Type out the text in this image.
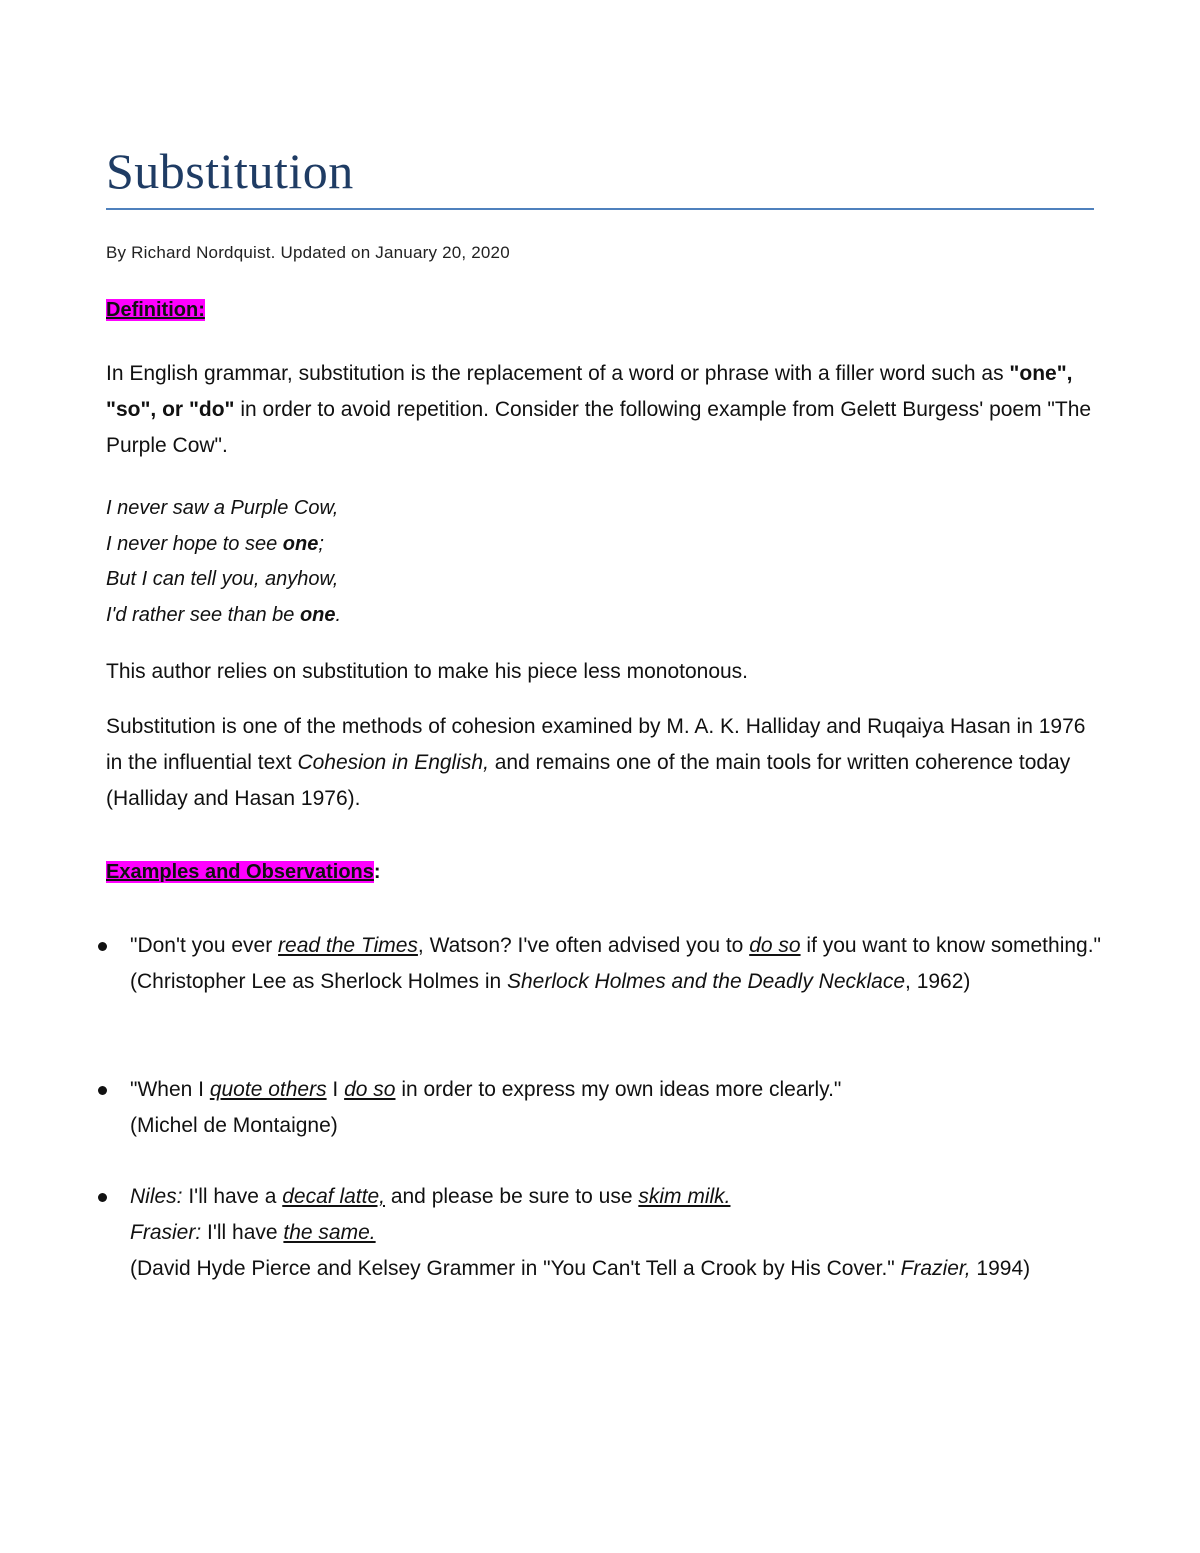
Substitution
By Richard Nordquist. Updated on January 20, 2020
Definition:

In English grammar, substitution is the replacement of a word or phrase with a filler word such as "one", "so", or "do" in order to avoid repetition. Consider the following example from Gelett Burgess' poem "The Purple Cow".

I never saw a Purple Cow,
I never hope to see one;
But I can tell you, anyhow,
I'd rather see than be one.

This author relies on substitution to make his piece less monotonous.

Substitution is one of the methods of cohesion examined by M. A. K. Halliday and Ruqaiya Hasan in 1976 in the influential text Cohesion in English, and remains one of the main tools for written coherence today (Halliday and Hasan 1976).

Examples and Observations:
"Don't you ever read the Times, Watson? I've often advised you to do so if you want to know something."
(Christopher Lee as Sherlock Holmes in Sherlock Holmes and the Deadly Necklace, 1962)
"When I quote others I do so in order to express my own ideas more clearly."
(Michel de Montaigne)
Niles: I'll have a decaf latte, and please be sure to use skim milk.
Frasier: I'll have the same.
(David Hyde Pierce and Kelsey Grammer in "You Can't Tell a Crook by His Cover." Frazier, 1994)
